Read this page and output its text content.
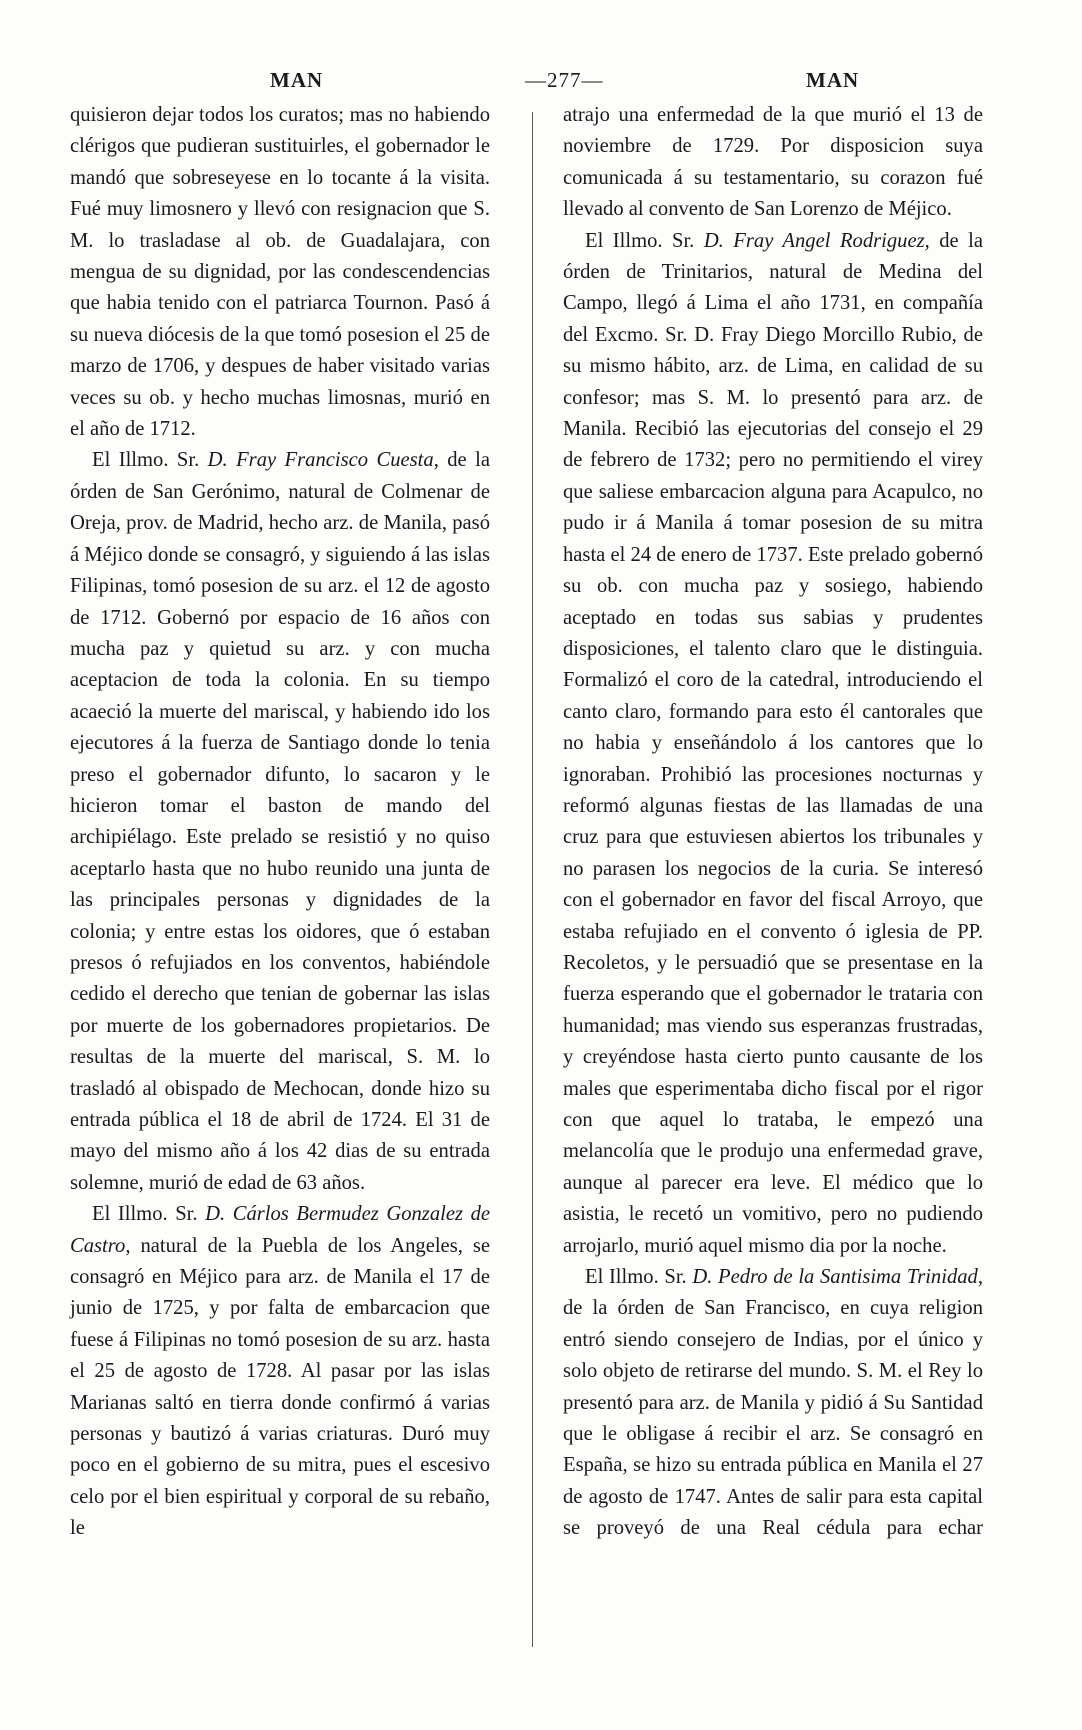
MAN	—277—	MAN

quisieron dejar todos los curatos; mas no habiendo clérigos que pudieran sustituirles, el gobernador le mandó que sobreseyese en lo tocante á la visita. Fué muy limosnero y llevó con resignacion que S. M. lo trasladase al ob. de Guadalajara, con mengua de su dignidad, por las condescendencias que habia tenido con el patriarca Tournon. Pasó á su nueva diócesis de la que tomó posesion el 25 de marzo de 1706, y despues de haber visitado varias veces su ob. y hecho muchas limosnas, murió en el año de 1712.

El Illmo. Sr. D. Fray Francisco Cuesta, de la órden de San Gerónimo, natural de Colmenar de Oreja, prov. de Madrid, hecho arz. de Manila, pasó á Méjico donde se consagró, y siguiendo á las islas Filipinas, tomó posesion de su arz. el 12 de agosto de 1712. Gobernó por espacio de 16 años con mucha paz y quietud su arz. y con mucha aceptacion de toda la colonia. En su tiempo acaeció la muerte del mariscal, y habiendo ido los ejecutores á la fuerza de Santiago donde lo tenia preso el gobernador difunto, lo sacaron y le hicieron tomar el baston de mando del archipiélago. Este prelado se resistió y no quiso aceptarlo hasta que no hubo reunido una junta de las principales personas y dignidades de la colonia; y entre estas los oidores, que ó estaban presos ó refujiados en los conventos, habiéndole cedido el derecho que tenian de gobernar las islas por muerte de los gobernadores propietarios. De resultas de la muerte del mariscal, S. M. lo trasladó al obispado de Mechocan, donde hizo su entrada pública el 18 de abril de 1724. El 31 de mayo del mismo año á los 42 dias de su entrada solemne, murió de edad de 63 años.

El Illmo. Sr. D. Cárlos Bermudez Gonzalez de Castro, natural de la Puebla de los Angeles, se consagró en Méjico para arz. de Manila el 17 de junio de 1725, y por falta de embarcacion que fuese á Filipinas no tomó posesion de su arz. hasta el 25 de agosto de 1728. Al pasar por las islas Marianas saltó en tierra donde confirmó á varias personas y bautizó á varias criaturas. Duró muy poco en el gobierno de su mitra, pues el escesivo celo por el bien espiritual y corporal de su rebaño, le

atrajo una enfermedad de la que murió el 13 de noviembre de 1729. Por disposicion suya comunicada á su testamentario, su corazon fué llevado al convento de San Lorenzo de Méjico.

El Illmo. Sr. D. Fray Angel Rodriguez, de la órden de Trinitarios, natural de Medina del Campo, llegó á Lima el año 1731, en compañía del Excmo. Sr. D. Fray Diego Morcillo Rubio, de su mismo hábito, arz. de Lima, en calidad de su confesor; mas S. M. lo presentó para arz. de Manila. Recibió las ejecutorias del consejo el 29 de febrero de 1732; pero no permitiendo el virey que saliese embarcacion alguna para Acapulco, no pudo ir á Manila á tomar posesion de su mitra hasta el 24 de enero de 1737. Este prelado gobernó su ob. con mucha paz y sosiego, habiendo aceptado en todas sus sabias y prudentes disposiciones, el talento claro que le distinguia. Formalizó el coro de la catedral, introduciendo el canto claro, formando para esto él cantorales que no habia y enseñándolo á los cantores que lo ignoraban. Prohibió las procesiones nocturnas y reformó algunas fiestas de las llamadas de una cruz para que estuviesen abiertos los tribunales y no parasen los negocios de la curia. Se interesó con el gobernador en favor del fiscal Arroyo, que estaba refujiado en el convento ó iglesia de PP. Recoletos, y le persuadió que se presentase en la fuerza esperando que el gobernador le trataria con humanidad; mas viendo sus esperanzas frustradas, y creyéndose hasta cierto punto causante de los males que esperimentaba dicho fiscal por el rigor con que aquel lo trataba, le empezó una melancolía que le produjo una enfermedad grave, aunque al parecer era leve. El médico que lo asistia, le recetó un vomitivo, pero no pudiendo arrojarlo, murió aquel mismo dia por la noche.

El Illmo. Sr. D. Pedro de la Santisima Trinidad, de la órden de San Francisco, en cuya religion entró siendo consejero de Indias, por el único y solo objeto de retirarse del mundo. S. M. el Rey lo presentó para arz. de Manila y pidió á Su Santidad que le obligase á recibir el arz. Se consagró en España, se hizo su entrada pública en Manila el 27 de agosto de 1747. Antes de salir para esta capital se proveyó de una Real cédula para echar
